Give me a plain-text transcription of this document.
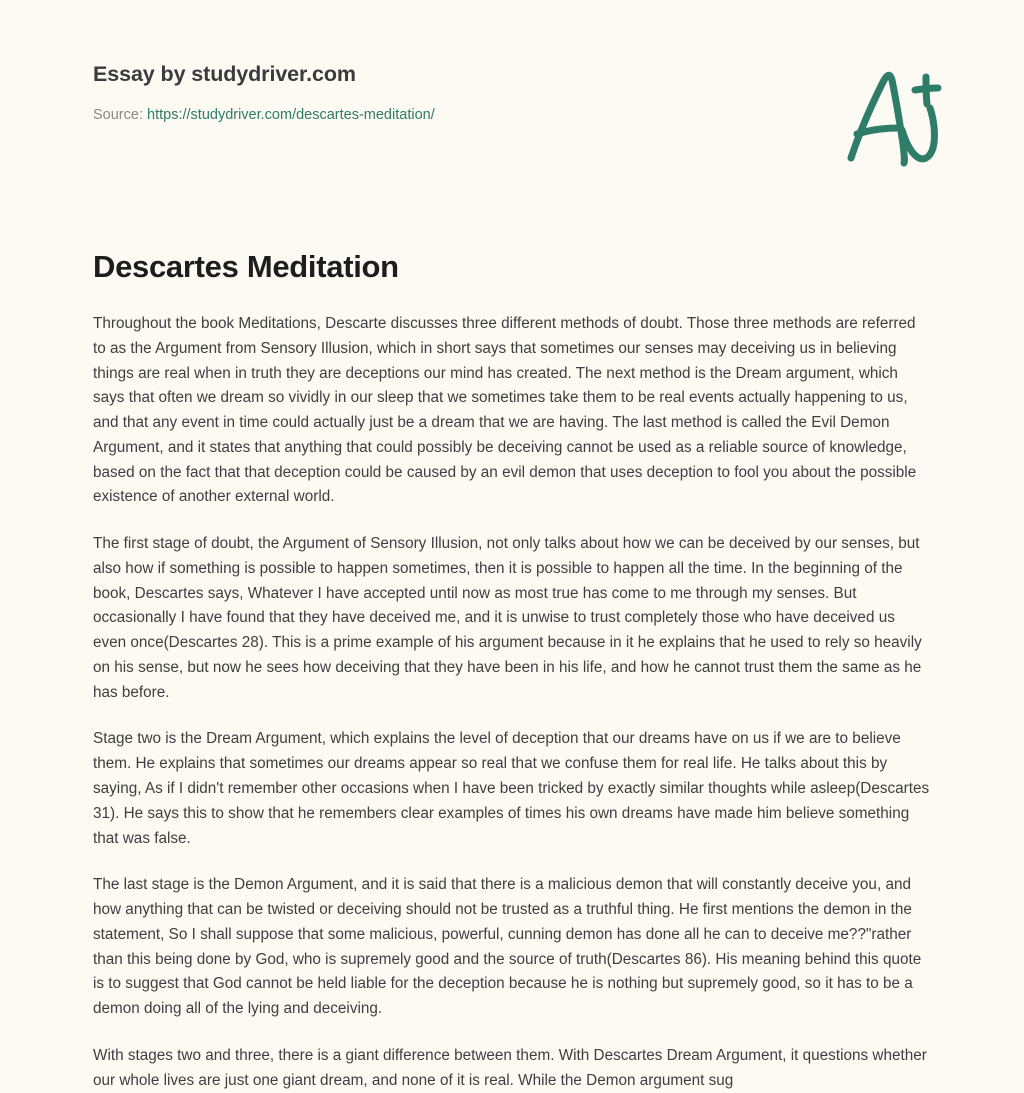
Essay by studydriver.com
Source: https://studydriver.com/descartes-meditation/
Descartes Meditation

Throughout the book Meditations, Descarte discusses three different methods of doubt. Those three methods are referred to as the Argument from Sensory Illusion, which in short says that sometimes our senses may deceiving us in believing things are real when in truth they are deceptions our mind has created. The next method is the Dream argument, which says that often we dream so vividly in our sleep that we sometimes take them to be real events actually happening to us, and that any event in time could actually just be a dream that we are having. The last method is called the Evil Demon Argument, and it states that anything that could possibly be deceiving cannot be used as a reliable source of knowledge, based on the fact that that deception could be caused by an evil demon that uses deception to fool you about the possible existence of another external world.

The first stage of doubt, the Argument of Sensory Illusion, not only talks about how we can be deceived by our senses, but also how if something is possible to happen sometimes, then it is possible to happen all the time. In the beginning of the book, Descartes says, Whatever I have accepted until now as most true has come to me through my senses. But occasionally I have found that they have deceived me, and it is unwise to trust completely those who have deceived us even once(Descartes 28). This is a prime example of his argument because in it he explains that he used to rely so heavily on his sense, but now he sees how deceiving that they have been in his life, and how he cannot trust them the same as he has before.

Stage two is the Dream Argument, which explains the level of deception that our dreams have on us if we are to believe them. He explains that sometimes our dreams appear so real that we confuse them for real life. He talks about this by saying, As if I didn't remember other occasions when I have been tricked by exactly similar thoughts while asleep(Descartes 31). He says this to show that he remembers clear examples of times his own dreams have made him believe something that was false.

The last stage is the Demon Argument, and it is said that there is a malicious demon that will constantly deceive you, and how anything that can be twisted or deceiving should not be trusted as a truthful thing. He first mentions the demon in the statement, So I shall suppose that some malicious, powerful, cunning demon has done all he can to deceive me??"rather than this being done by God, who is supremely good and the source of truth(Descartes 86). His meaning behind this quote is to suggest that God cannot be held liable for the deception because he is nothing but supremely good, so it has to be a demon doing all of the lying and deceiving.

With stages two and three, there is a giant difference between them. With Descartes Dream Argument, it questions whether our whole lives are just one giant dream, and none of it is real. While the Demon argument sug
